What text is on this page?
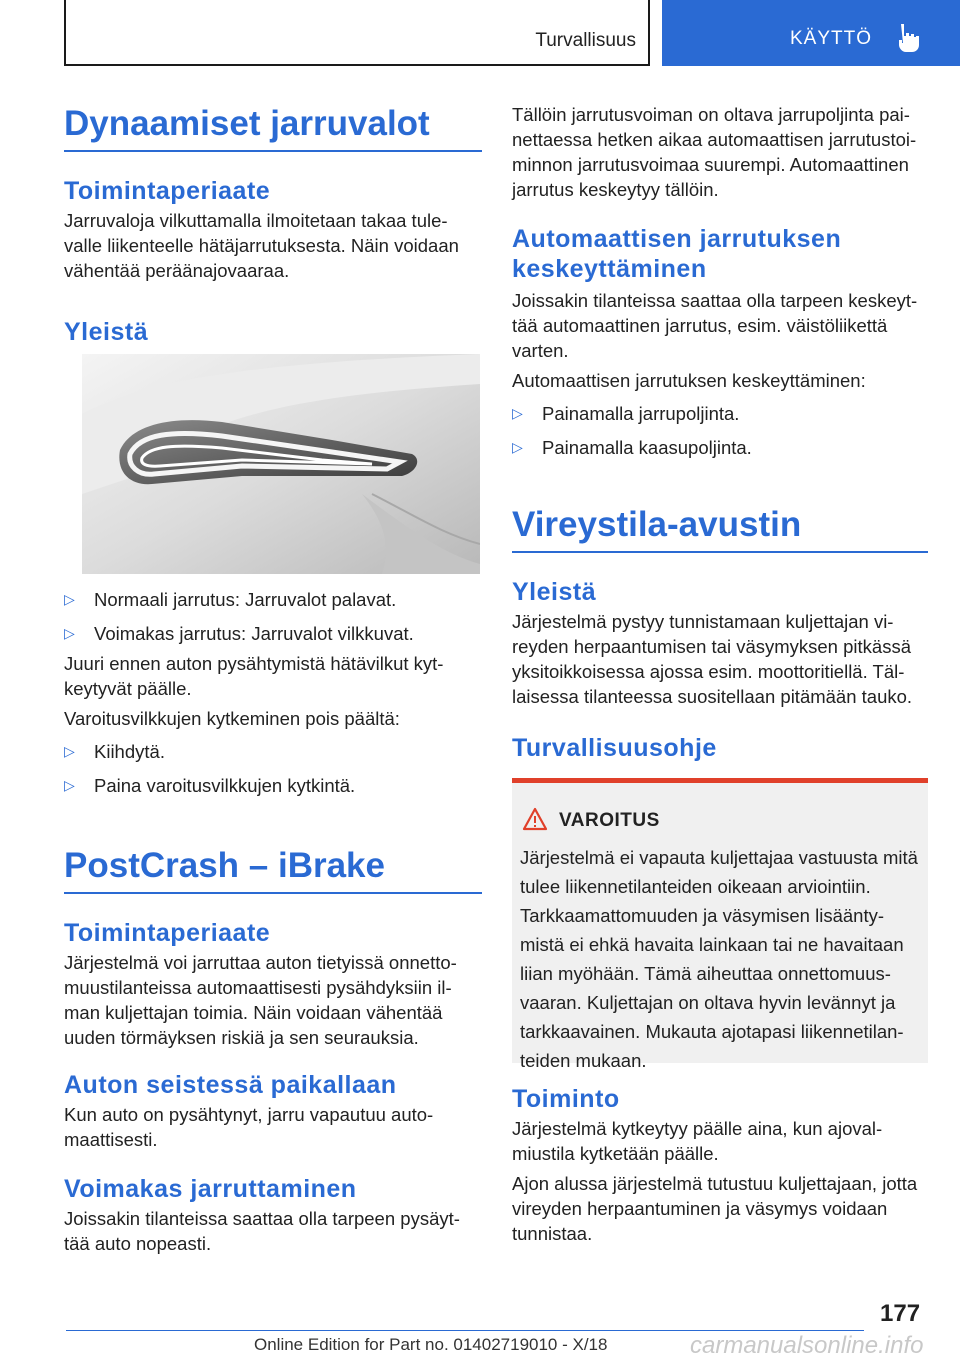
Turvallisuus	KÄYTTÖ
Dynaamiset jarruvalot
Toimintaperiaate

Jarruvaloja vilkuttamalla ilmoitetaan takaa tule-valle liikenteelle hätäjarrutuksesta. Näin voidaan vähentää peräänajovaaraa.

Yleistä
▷	Normaali jarrutus: Jarruvalot palavat.
▷	Voimakas jarrutus: Jarruvalot vilkkuvat.

Juuri ennen auton pysähtymistä hätävilkut kyt-keytyvät päälle.

Varoitusvilkkujen kytkeminen pois päältä:

▷	Kiihdytä.
▷	Paina varoitusvilkkujen kytkintä.
PostCrash – iBrake
Toimintaperiaate

Järjestelmä voi jarruttaa auton tietyissä onnetto-muustilanteissa automaattisesti pysähdyksiin il-man kuljettajan toimia. Näin voidaan vähentää uuden törmäyksen riskiä ja sen seurauksia.

Auton seistessä paikallaan

Kun auto on pysähtynyt, jarru vapautuu auto-maattisesti.

Voimakas jarruttaminen

Joissakin tilanteissa saattaa olla tarpeen pysäyt-tää auto nopeasti.

Tällöin jarrutusvoiman on oltava jarrupoljinta pai-nettaessa hetken aikaa automaattisen jarrutustoi-minnon jarrutusvoimaa suurempi. Automaattinen jarrutus keskeytyy tällöin.

Automaattisen jarrutuksen keskeyttäminen

Joissakin tilanteissa saattaa olla tarpeen keskeyt-tää automaattinen jarrutus, esim. väistöliikettä varten.

Automaattisen jarrutuksen keskeyttäminen:

▷	Painamalla jarrupoljinta.
▷	Painamalla kaasupoljinta.
Vireystila-avustin
Yleistä

Järjestelmä pystyy tunnistamaan kuljettajan vi-reyden herpaantumisen tai väsymyksen pitkässä yksitoikkoisessa ajossa esim. moottoritiellä. Täl-laisessa tilanteessa suositellaan pitämään tauko.

Turvallisuusohje
VAROITUS
Järjestelmä ei vapauta kuljettajaa vastuusta mitä tulee liikennetilanteiden oikeaan arviointiin. Tarkkaamattomuuden ja väsymisen lisäänty-mistä ei ehkä havaita lainkaan tai ne havaitaan liian myöhään. Tämä aiheuttaa onnettomuus-vaaran. Kuljettajan on oltava hyvin levännyt ja tarkkaavainen. Mukauta ajotapasi liikennetilan-teiden mukaan.
Toiminto

Järjestelmä kytkeytyy päälle aina, kun ajoval-miustila kytketään päälle.

Ajon alussa järjestelmä tutustuu kuljettajaan, jotta vireyden herpaantuminen ja väsymys voidaan tunnistaa.

177
Online Edition for Part no. 01402719010 - X/18	carmanualsonline.info
